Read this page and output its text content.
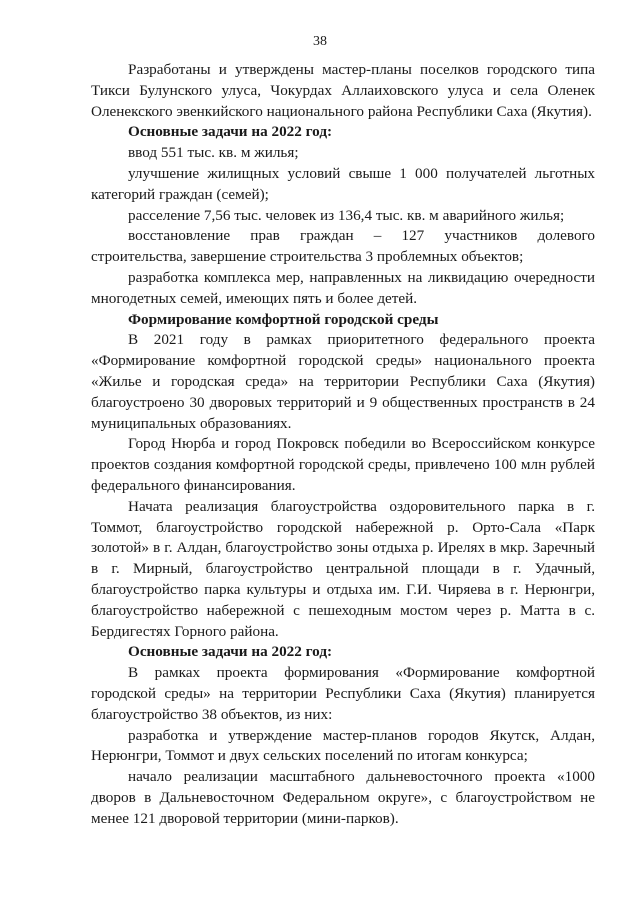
38

Разработаны и утверждены мастер-планы поселков городского типа Тикси Булунского улуса, Чокурдах Аллаиховского улуса и села Оленек Оленекского эвенкийского национального района Республики Саха (Якутия).

Основные задачи на 2022 год:

ввод 551 тыс. кв. м жилья;

улучшение жилищных условий свыше 1 000 получателей льготных категорий граждан (семей);

расселение 7,56 тыс. человек из 136,4 тыс. кв. м аварийного жилья;

восстановление прав граждан – 127 участников долевого строительства, завершение строительства 3 проблемных объектов;

разработка комплекса мер, направленных на ликвидацию очередности многодетных семей, имеющих пять и более детей.

Формирование комфортной городской среды

В 2021 году в рамках приоритетного федерального проекта «Формирование комфортной городской среды» национального проекта «Жилье и городская среда» на территории Республики Саха (Якутия) благоустроено 30 дворовых территорий и 9 общественных пространств в 24 муниципальных образованиях.

Город Нюрба и город Покровск победили во Всероссийском конкурсе проектов создания комфортной городской среды, привлечено 100 млн рублей федерального финансирования.

Начата реализация благоустройства оздоровительного парка в г. Томмот, благоустройство городской набережной р. Орто-Сала «Парк золотой» в г. Алдан, благоустройство зоны отдыха р. Ирелях в мкр. Заречный в г. Мирный, благоустройство центральной площади в г. Удачный, благоустройство парка культуры и отдыха им. Г.И. Чиряева в г. Нерюнгри, благоустройство набережной с пешеходным мостом через р. Матта в с. Бердигестях Горного района.

Основные задачи на 2022 год:

В рамках проекта формирования «Формирование комфортной городской среды» на территории Республики Саха (Якутия) планируется благоустройство 38 объектов, из них:

разработка и утверждение мастер-планов городов Якутск, Алдан, Нерюнгри, Томмот и двух сельских поселений по итогам конкурса;

начало реализации масштабного дальневосточного проекта «1000 дворов в Дальневосточном Федеральном округе», с благоустройством не менее 121 дворовой территории (мини-парков).
